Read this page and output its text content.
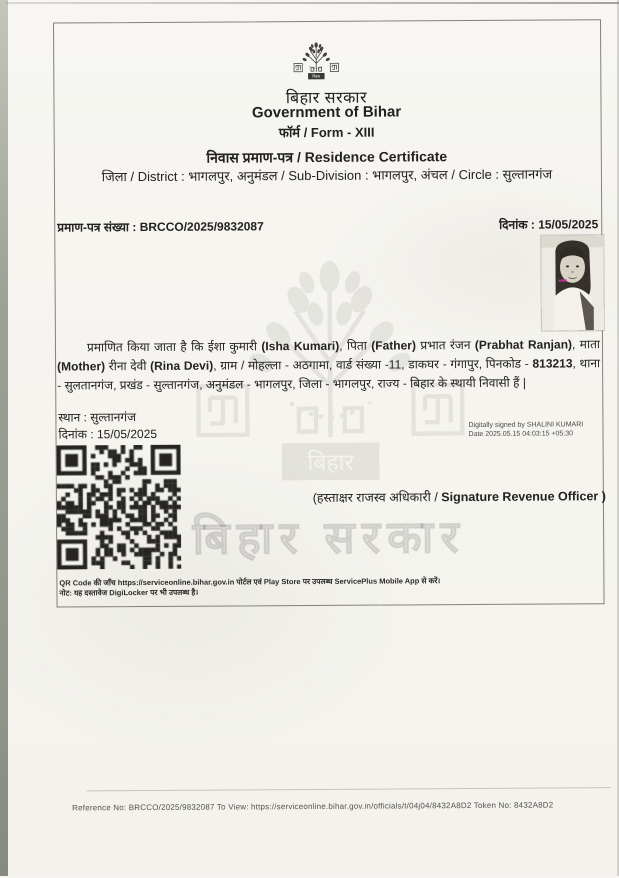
बिहार सरकार
बिहार सरकार
Government of Bihar
फॉर्म / Form - XIII
निवास प्रमाण-पत्र / Residence Certificate
जिला / District : भागलपुर, अनुमंडल / Sub-Division : भागलपुर, अंचल / Circle : सुल्तानगंज
प्रमाण-पत्र संख्या : BRCCO/2025/9832087	दिनांक : 15/05/2025
प्रमाणित किया जाता है कि ईशा कुमारी (Isha Kumari), पिता (Father) प्रभात रंजन (Prabhat Ranjan), माता (Mother) रीना देवी (Rina Devi), ग्राम / मोहल्ला - अठगामा, वार्ड संख्या -11, डाकघर - गंगापुर, पिनकोड - 813213, थाना - सुलतानगंज, प्रखंड - सुल्तानगंज, अनुमंडल - भागलपुर, जिला - भागलपुर, राज्य - बिहार के स्थायी निवासी हैं |
स्थान : सुल्तानगंज
दिनांक : 15/05/2025
Digitally signed by SHALINI KUMARI
Date 2025.05.15 04:03:15 +05:30
(हस्ताक्षर राजस्व अधिकारी / Signature Revenue Officer )
QR Code की जाँच https://serviceonline.bihar.gov.in पोर्टल एवं Play Store पर उपलब्ध ServicePlus Mobile App से करें।
नोट: यह दस्तावेज DigiLocker पर भी उपलब्ध है।
Reference No: BRCCO/2025/9832087 To View: https://serviceonline.bihar.gov.in/officials/t/04j04/8432A8D2 Token No: 8432A8D2
